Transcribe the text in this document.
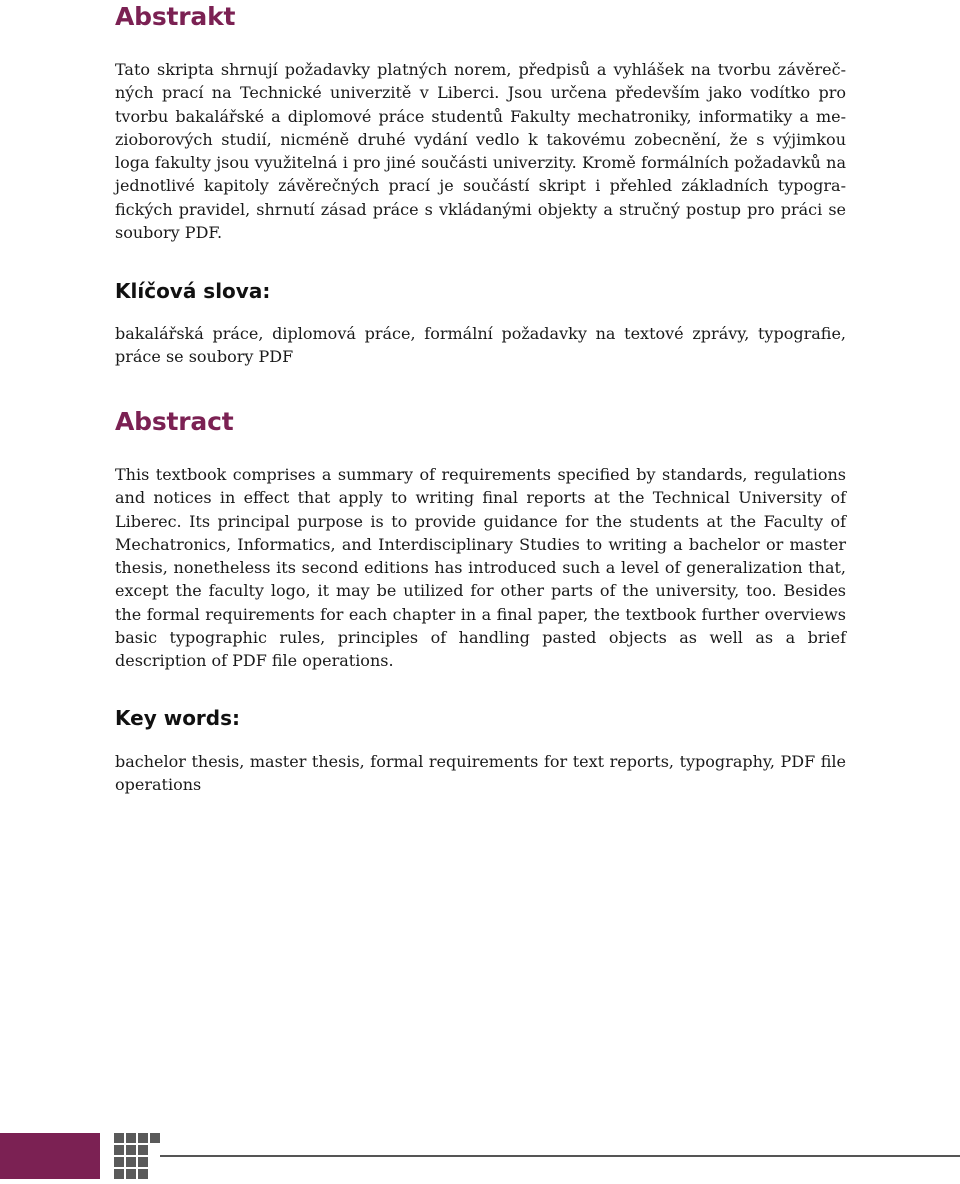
Abstrakt

Tato skripta shrnují požadavky platných norem, předpisů a vyhlášek na tvorbu závěrečných prací na Technické univerzitě v Liberci. Jsou určena především jako vodítko pro tvorbu bakalářské a diplomové práce studentů Fakulty mechatroniky, informatiky a mezioborových studií, nicméně druhé vydání vedlo k takovému zobecnění, že s výjimkou loga fakulty jsou využitelná i pro jiné součásti univerzity. Kromě formálních požadavků na jednotlivé kapitoly závěrečných prací je součástí skript i přehled základních typografických pravidel, shrnutí zásad práce s vkládanými objekty a stručný postup pro práci se soubory PDF.

Klíčová slova:

bakalářská práce, diplomová práce, formální požadavky na textové zprávy, typografie, práce se soubory PDF

Abstract

This textbook comprises a summary of requirements specified by standards, regulations and notices in effect that apply to writing final reports at the Technical University of Liberec. Its principal purpose is to provide guidance for the students at the Faculty of Mechatronics, Informatics, and Interdisciplinary Studies to writing a bachelor or master thesis, nonetheless its second editions has introduced such a level of generalization that, except the faculty logo, it may be utilized for other parts of the university, too. Besides the formal requirements for each chapter in a final paper, the textbook further overviews basic typographic rules, principles of handling pasted objects as well as a brief description of PDF file operations.

Key words:

bachelor thesis, master thesis, formal requirements for text reports, typography, PDF file operations
